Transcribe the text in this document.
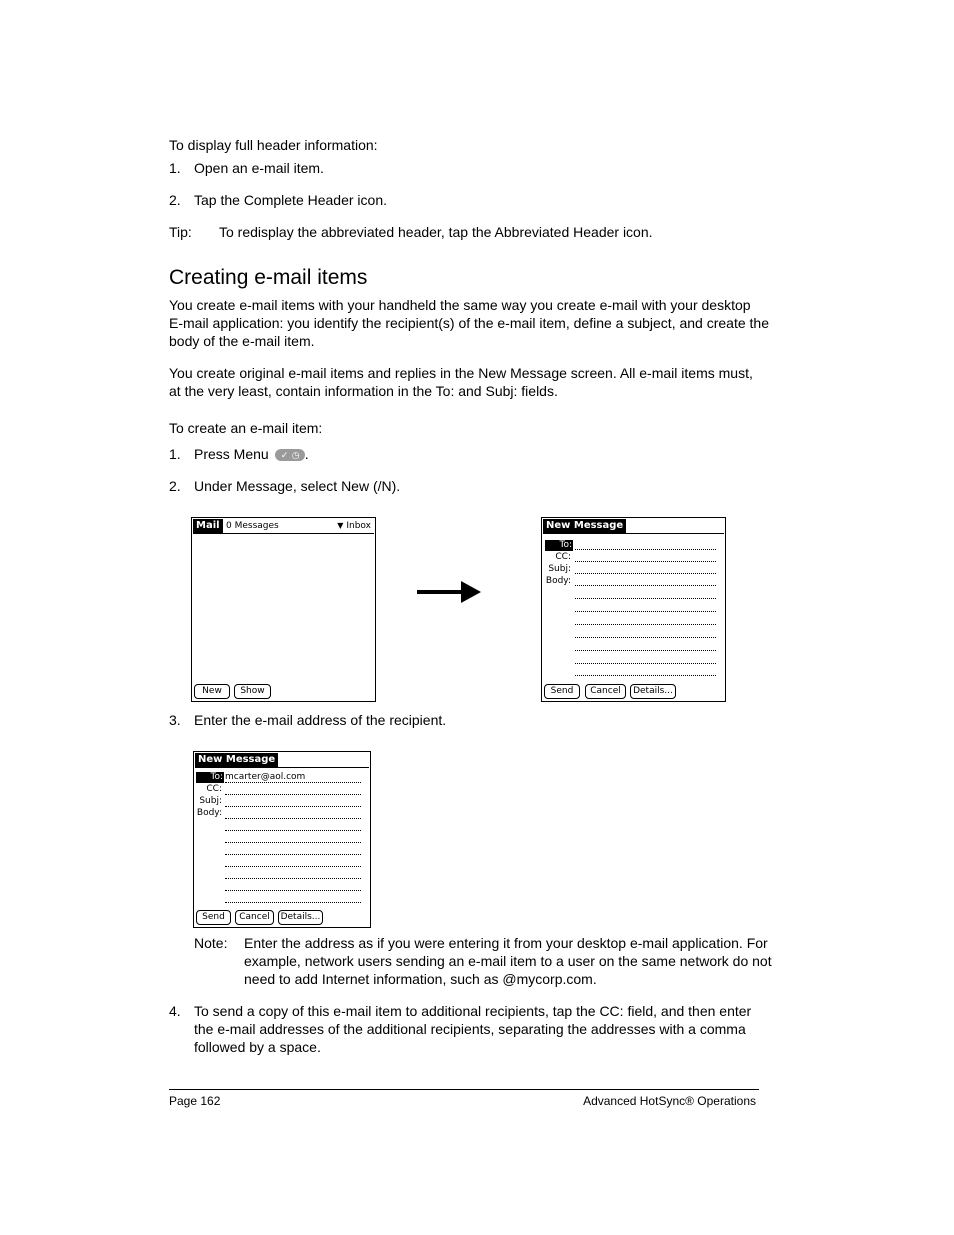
To display full header information:
1. Open an e-mail item.
2. Tap the Complete Header icon.
Tip: To redisplay the abbreviated header, tap the Abbreviated Header icon.
Creating e-mail items
You create e-mail items with your handheld the same way you create e-mail with your desktop
E-mail application: you identify the recipient(s) of the e-mail item, define a subject, and create the
body of the e-mail item.
You create original e-mail items and replies in the New Message screen. All e-mail items must,
at the very least, contain information in the To: and Subj: fields.
To create an e-mail item:
1. Press Menu ✓ ◷ .
2. Under Message, select New (/N).
Mail 0 Messages	▼ Inbox
New	Show
New Message
To:
CC:
Subj:
Body:
Send	Cancel	Details...
3. Enter the e-mail address of the recipient.
New Message
To:
CC:
Subj:
Body:
mcarter@aol.com
Send	Cancel	Details...
Note: Enter the address as if you were entering it from your desktop e-mail application. For
example, network users sending an e-mail item to a user on the same network do not
need to add Internet information, such as @mycorp.com.
4. To send a copy of this e-mail item to additional recipients, tap the CC: field, and then enter
the e-mail addresses of the additional recipients, separating the addresses with a comma
followed by a space.
Page 162	Advanced HotSync® Operations
